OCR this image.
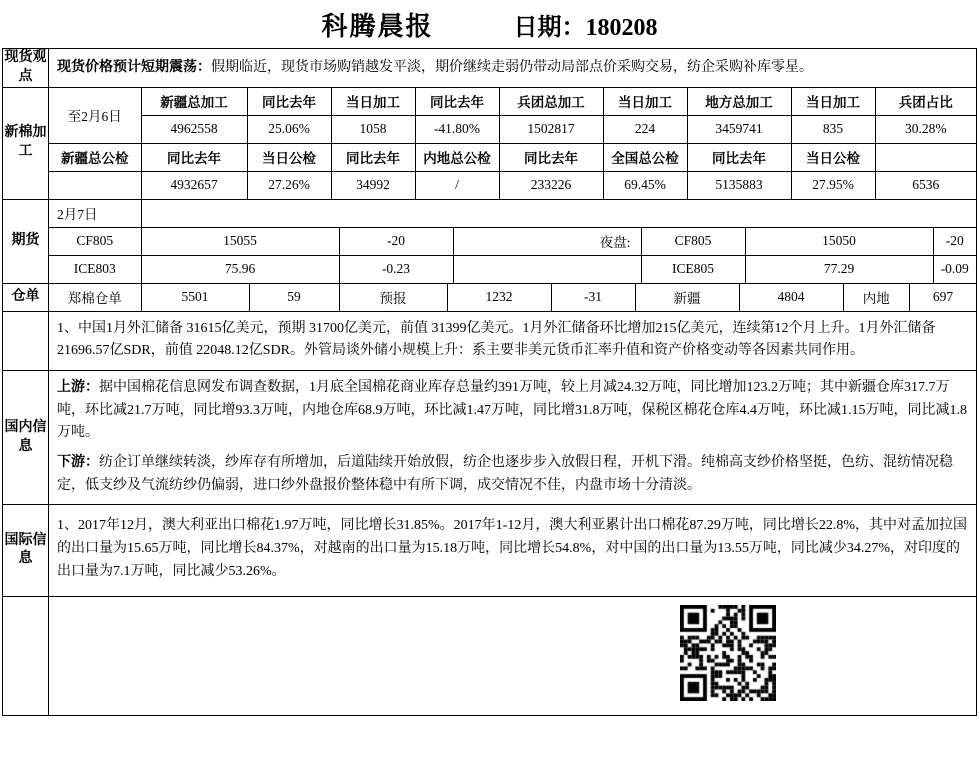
科腾晨报	日期：180208
现货观点	
现货价格预计短期震荡：假期临近，现货市场购销越发平淡，期价继续走弱仍带动局部点价采购交易，纺企采购补库零星。

新棉加工	
至2月6日	新疆总加工	同比去年	当日加工	同比去年	兵团总加工	当日加工	地方总加工	当日加工	兵团占比
4962558	25.06%	1058	-41.80%	1502817	224	3459741	835	30.28%
新疆总公检	同比去年	当日公检	同比去年	内地总公检	同比去年	全国总公检	同比去年	当日公检	
	4932657	27.26%	34992	/	233226	69.45%	5135883	27.95%	6536

期货	
2月7日	
CF805	15055	-20	夜盘:	CF805	15050	-20
ICE803	75.96	-0.23		ICE805	77.29	-0.09

仓单	郑棉仓单	5501	59	预报	1232	-31	新疆	4804	内地	697

1、中国1月外汇储备 31615亿美元，预期 31700亿美元，前值 31399亿美元。1月外汇储备环比增加215亿美元，连续第12个月上升。1月外汇储备 21696.57亿SDR，前值 22048.12亿SDR。外管局谈外储小规模上升：系主要非美元货币汇率升值和资产价格变动等各因素共同作用。

国内信息	
上游：据中国棉花信息网发布调查数据，1月底全国棉花商业库存总量约391万吨，较上月减24.32万吨，同比增加123.2万吨；其中新疆仓库317.7万吨，环比减21.7万吨，同比增93.3万吨，内地仓库68.9万吨，环比减1.47万吨，同比增31.8万吨，保税区棉花仓库4.4万吨，环比减1.15万吨，同比减1.8万吨。
下游：纺企订单继续转淡，纱库存有所增加，后道陆续开始放假，纺企也逐步步入放假日程，开机下滑。纯棉高支纱价格坚挺，色纺、混纺情况稳定，低支纱及气流纺纱仍偏弱，进口纱外盘报价整体稳中有所下调，成交情况不佳，内盘市场十分清淡。

国际信息	
1、2017年12月，澳大利亚出口棉花1.97万吨，同比增长31.85%。2017年1-12月，澳大利亚累计出口棉花87.29万吨，同比增长22.8%，其中对孟加拉国的出口量为15.65万吨，同比增长84.37%，对越南的出口量为15.18万吨，同比增长54.8%，对中国的出口量为13.55万吨，同比减少34.27%，对印度的出口量为7.1万吨，同比减少53.26%。
